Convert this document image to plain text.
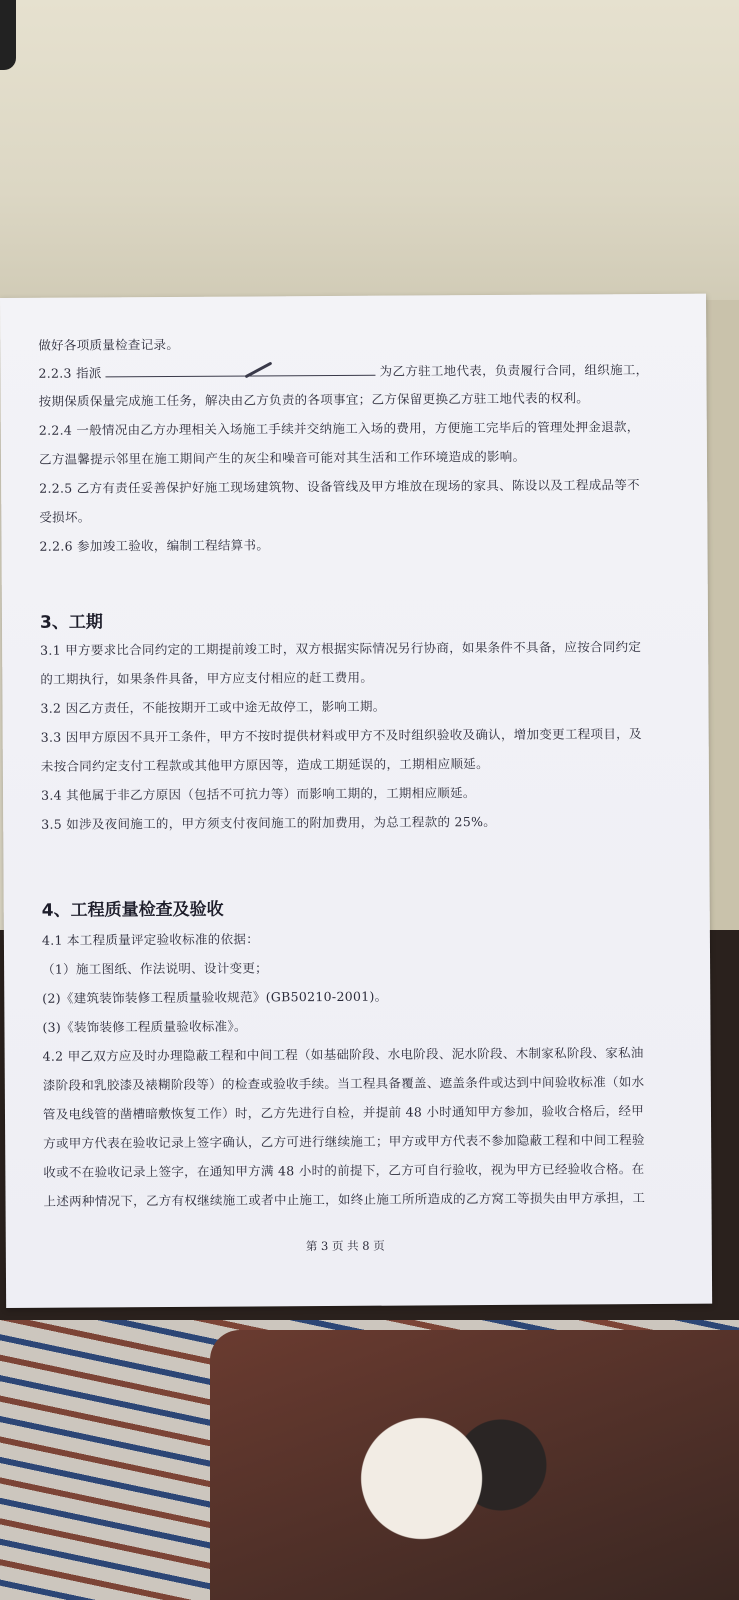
做好各项质量检查记录。
2.2.3 指派	为乙方驻工地代表，负责履行合同，组织施工，
按期保质保量完成施工任务，解决由乙方负责的各项事宜；乙方保留更换乙方驻工地代表的权利。
2.2.4 一般情况由乙方办理相关入场施工手续并交纳施工入场的费用，方便施工完毕后的管理处押金退款，
乙方温馨提示邻里在施工期间产生的灰尘和噪音可能对其生活和工作环境造成的影响。
2.2.5 乙方有责任妥善保护好施工现场建筑物、设备管线及甲方堆放在现场的家具、陈设以及工程成品等不
受损坏。
2.2.6 参加竣工验收，编制工程结算书。
3、工期
3.1 甲方要求比合同约定的工期提前竣工时，双方根据实际情况另行协商，如果条件不具备，应按合同约定
的工期执行，如果条件具备，甲方应支付相应的赶工费用。
3.2 因乙方责任，不能按期开工或中途无故停工，影响工期。
3.3 因甲方原因不具开工条件，甲方不按时提供材料或甲方不及时组织验收及确认，增加变更工程项目，及
未按合同约定支付工程款或其他甲方原因等，造成工期延误的，工期相应顺延。
3.4 其他属于非乙方原因（包括不可抗力等）而影响工期的，工期相应顺延。
3.5 如涉及夜间施工的，甲方须支付夜间施工的附加费用，为总工程款的 25%。
4、工程质量检查及验收
4.1 本工程质量评定验收标准的依据：
（1）施工图纸、作法说明、设计变更；
(2)《建筑装饰装修工程质量验收规范》(GB50210-2001)。
(3)《装饰装修工程质量验收标准》。
4.2 甲乙双方应及时办理隐蔽工程和中间工程（如基础阶段、水电阶段、泥水阶段、木制家私阶段、家私油
漆阶段和乳胶漆及裱糊阶段等）的检查或验收手续。当工程具备覆盖、遮盖条件或达到中间验收标准（如水
管及电线管的凿槽暗敷恢复工作）时，乙方先进行自检，并提前 48 小时通知甲方参加，验收合格后，经甲
方或甲方代表在验收记录上签字确认，乙方可进行继续施工；甲方或甲方代表不参加隐蔽工程和中间工程验
收或不在验收记录上签字，在通知甲方满 48 小时的前提下，乙方可自行验收，视为甲方已经验收合格。在
上述两种情况下，乙方有权继续施工或者中止施工，如终止施工所所造成的乙方窝工等损失由甲方承担，工
第 3 页 共 8 页
